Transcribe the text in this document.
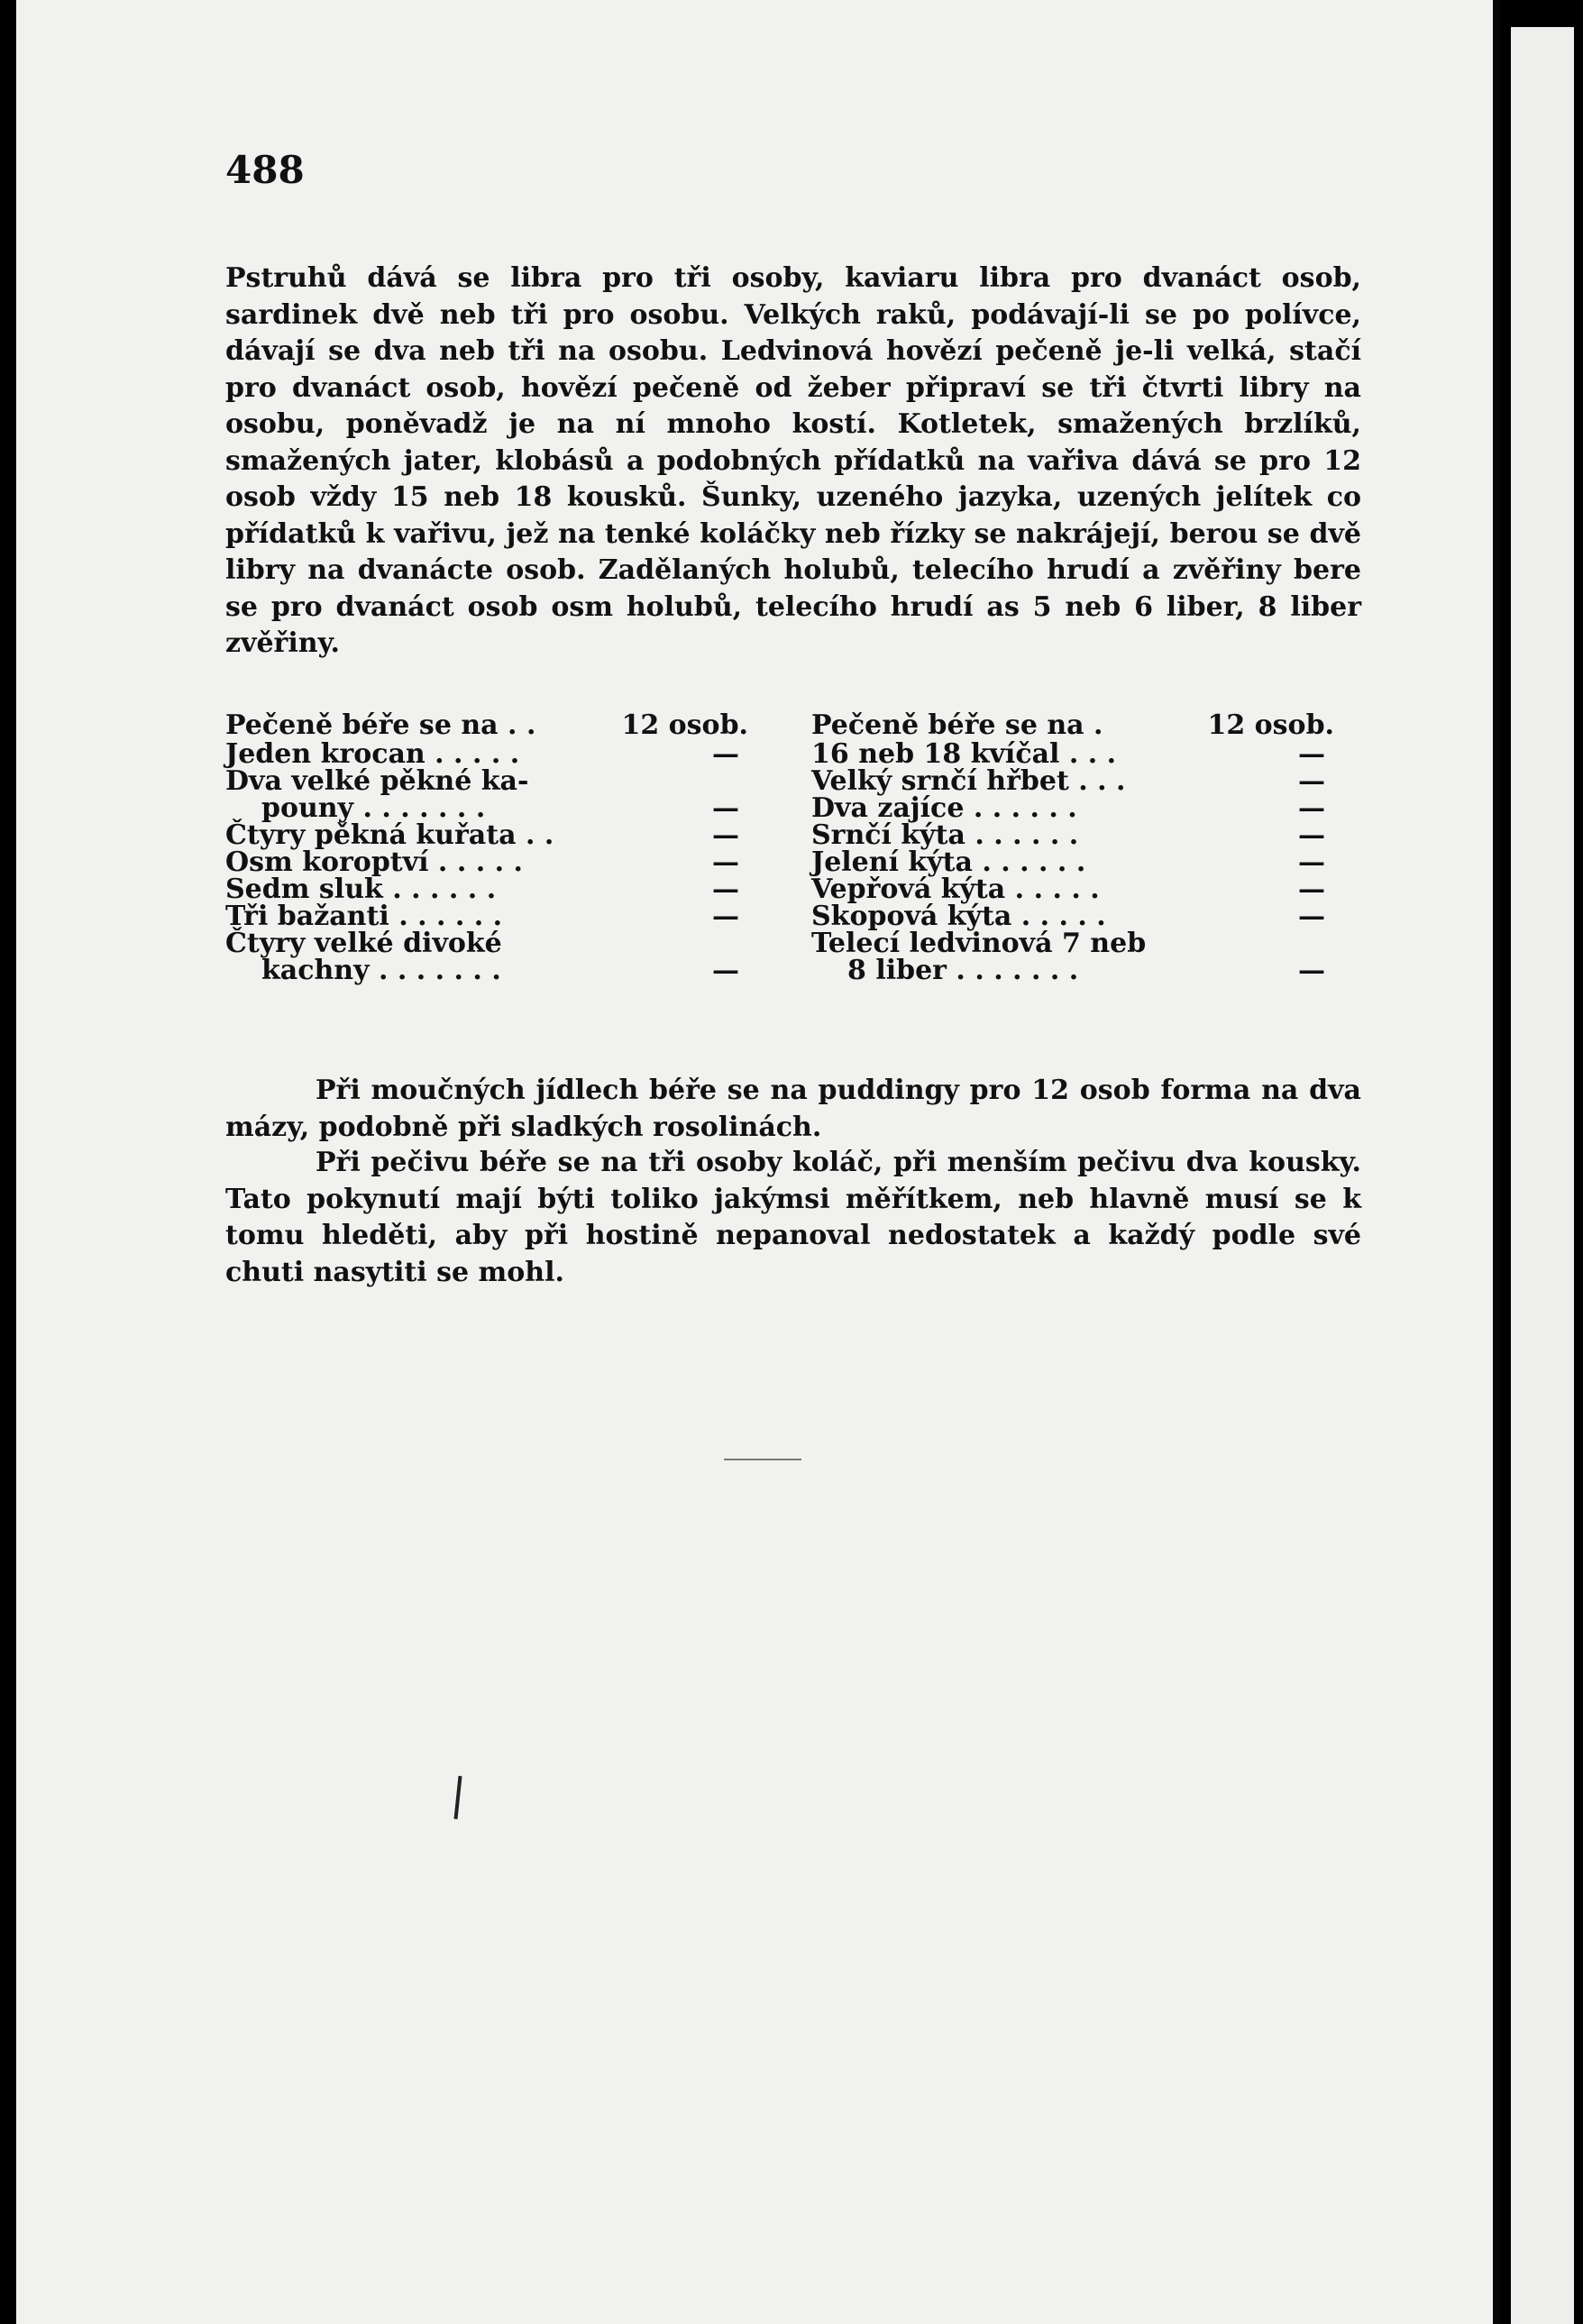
488

Pstruhů dává se libra pro tři osoby, kaviaru libra pro dvanáct osob, sardinek dvě neb tři pro osobu. Velkých raků, podávají-li se po polívce, dávají se dva neb tři na osobu. Ledvinová hovězí pečeně je-li velká, stačí pro dvanáct osob, hovězí pečeně od žeber připraví se tři čtvrti libry na osobu, poněvadž je na ní mnoho kostí. Kotletek, smažených brzlíků, smažených jater, klobásů a podobných přídatků na vařiva dává se pro 12 osob vždy 15 neb 18 kousků. Šunky, uzeného jazyka, uzených jelítek co přídatků k vařivu, jež na tenké koláčky neb řízky se nakrájejí, berou se dvě libry na dvanácte osob. Zadělaných holubů, telecího hrudí a zvěřiny bere se pro dvanáct osob osm holubů, telecího hrudí as 5 neb 6 liber, 8 liber zvěřiny.

Pečeně béře se na . .	12 osob.
Jeden krocan . . . . .	—
Dva velké pěkné ka-
pouny . . . . . . .	—
Čtyry pěkná kuřata . .	—
Osm koroptví . . . . .	—
Sedm sluk . . . . . .	—
Tři bažanti . . . . . .	—
Čtyry velké divoké
kachny . . . . . . .	—
Pečeně béře se na .	12 osob.
16 neb 18 kvíčal . . .	—
Velký srnčí hřbet . . .	—
Dva zajíce . . . . . .	—
Srnčí kýta . . . . . .	—
Jelení kýta . . . . . .	—
Vepřová kýta . . . . .	—
Skopová kýta . . . . .	—
Telecí ledvinová 7 neb
8 liber . . . . . . .	—

Při moučných jídlech béře se na puddingy pro 12 osob forma na dva mázy, podobně při sladkých rosolinách.

Při pečivu béře se na tři osoby koláč, při menším pečivu dva kousky. Tato pokynutí mají býti toliko jakýmsi měřítkem, neb hlavně musí se k tomu hleděti, aby při hostině nepanoval nedostatek a každý podle své chuti nasytiti se mohl.
